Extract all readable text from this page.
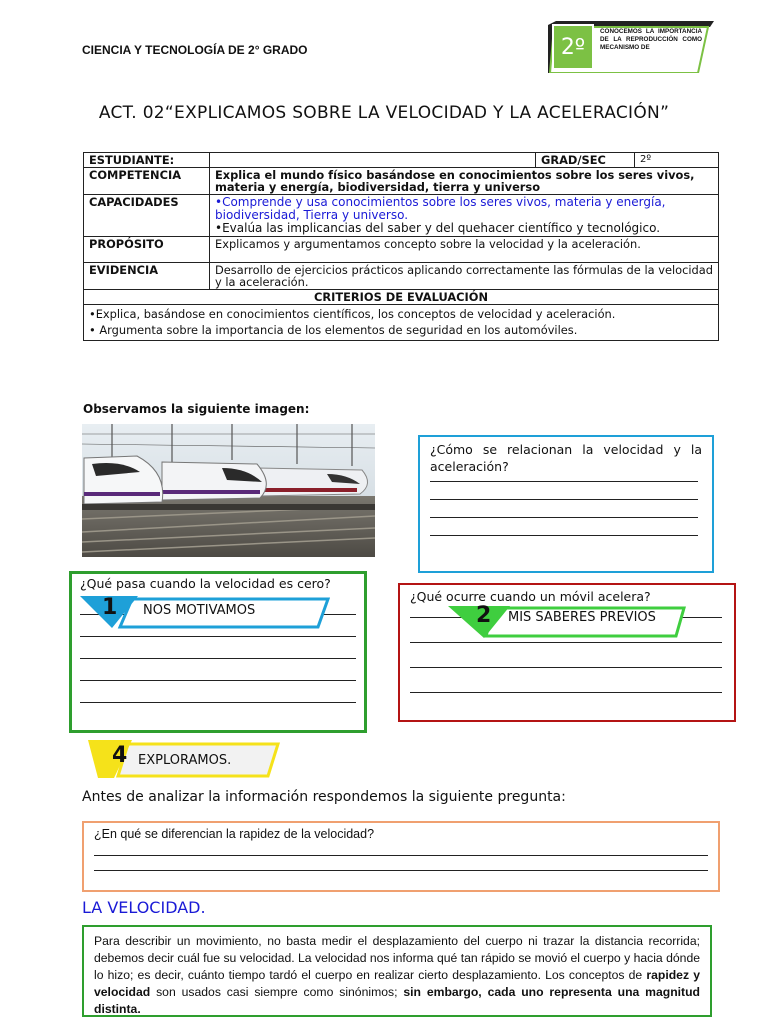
CIENCIA Y TECNOLOGÍA DE 2° GRADO	2º
CONOCEMOS LA IMPORTANCIA DE LA REPRODUCCIÓN COMO MECANISMO DE
ACT. 02“EXPLICAMOS SOBRE LA VELOCIDAD Y LA ACELERACIÓN”
ESTUDIANTE:		GRAD/SEC	2º
COMPETENCIA	Explica el mundo físico basándose en conocimientos sobre los seres vivos, materia y energía, biodiversidad, tierra y universo		
CAPACIDADES	•Comprende y usa conocimientos sobre los seres vivos, materia y energía, biodiversidad, Tierra y universo.
•Evalúa las implicancias del saber y del quehacer científico y tecnológico.		

PROPÓSITO	Explicamos y argumentamos concepto sobre la velocidad y la aceleración.		
EVIDENCIA	Desarrollo de ejercicios prácticos aplicando correctamente las fórmulas de la velocidad y la aceleración.		
CRITERIOS DE EVALUACIÓN			

•Explica, basándose en conocimientos científicos, los conceptos de velocidad y aceleración.
• Argumenta sobre la importancia de los elementos de seguridad en los automóviles.			
Observamos la siguiente imagen:
¿Cómo se relacionan la velocidad y la aceleración?
¿Qué pasa cuando la velocidad es cero?
1 NOS MOTIVAMOS
¿Qué ocurre cuando un móvil acelera?
2 MIS SABERES PREVIOS
4 EXPLORAMOS.
Antes de analizar la información respondemos la siguiente pregunta:
¿En qué se diferencian la rapidez de la velocidad?
LA VELOCIDAD.
Para describir un movimiento, no basta medir el desplazamiento del cuerpo ni trazar la distancia recorrida; debemos decir cuál fue su velocidad. La velocidad nos informa qué tan rápido se movió el cuerpo y hacia dónde lo hizo; es decir, cuánto tiempo tardó el cuerpo en realizar cierto desplazamiento. Los conceptos de rapidez y velocidad son usados casi siempre como sinónimos; sin embargo, cada uno representa una magnitud distinta.
